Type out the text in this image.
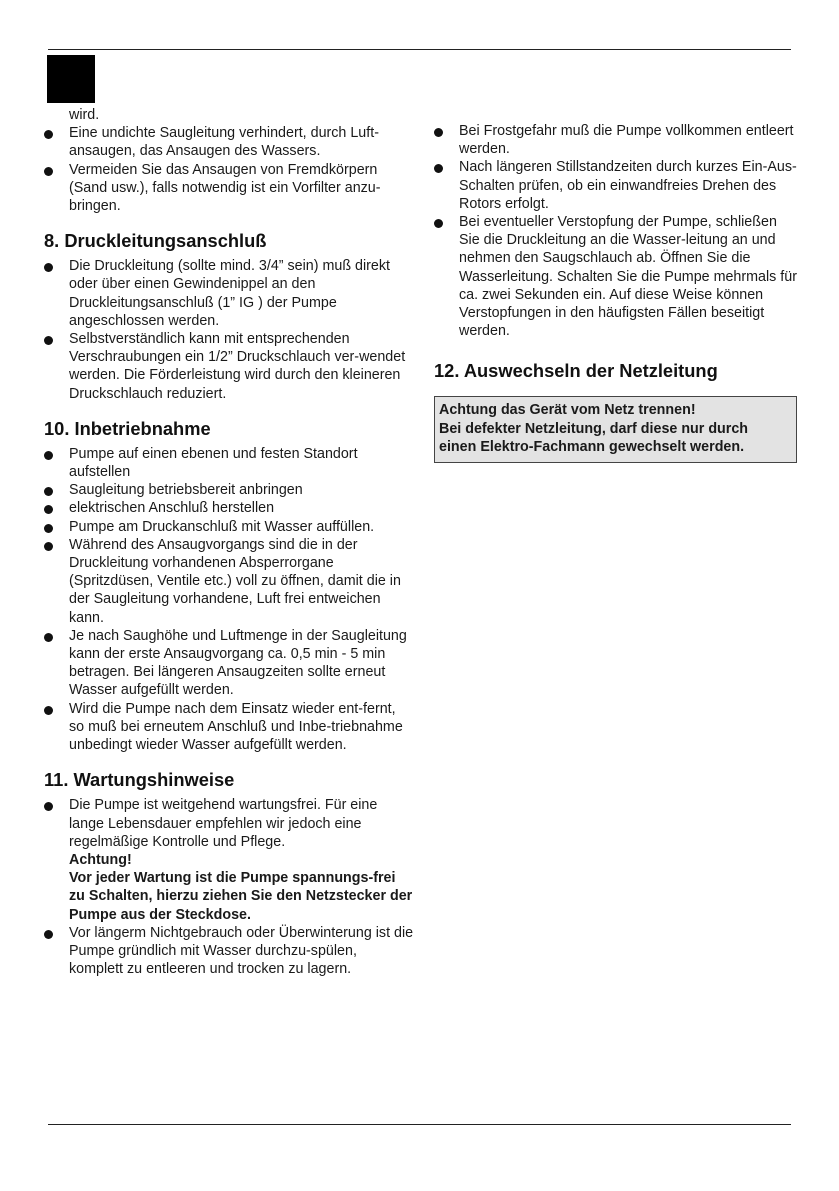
wird.

Eine undichte Saugleitung verhindert, durch Luft-ansaugen, das Ansaugen des Wassers.
Vermeiden Sie das Ansaugen von Fremdkörpern (Sand usw.), falls notwendig ist ein Vorfilter anzu-bringen.
8. Druckleitungsanschluß
Die Druckleitung (sollte mind. 3/4” sein) muß direkt oder über einen Gewindenippel an den Druckleitungsanschluß (1” IG ) der Pumpe angeschlossen werden.
Selbstverständlich kann mit entsprechenden Verschraubungen ein 1/2” Druckschlauch ver-wendet werden. Die Förderleistung wird durch den kleineren Druckschlauch reduziert.
10. Inbetriebnahme
Pumpe auf einen ebenen und festen Standort aufstellen
Saugleitung betriebsbereit anbringen
elektrischen Anschluß herstellen
Pumpe am Druckanschluß mit Wasser auffüllen.
Während des Ansaugvorgangs sind die in der Druckleitung vorhandenen Absperrorgane (Spritzdüsen, Ventile etc.) voll zu öffnen, damit die in der Saugleitung vorhandene, Luft frei entweichen kann.
Je nach Saughöhe und Luftmenge in der Saugleitung kann der erste Ansaugvorgang ca. 0,5 min - 5 min betragen. Bei längeren Ansaugzeiten sollte erneut Wasser aufgefüllt werden.
Wird die Pumpe nach dem Einsatz wieder ent-fernt, so muß bei erneutem Anschluß und Inbe-triebnahme unbedingt wieder Wasser aufgefüllt werden.
11. Wartungshinweise
Die Pumpe ist weitgehend wartungsfrei. Für eine lange Lebensdauer empfehlen wir jedoch eine regelmäßige Kontrolle und Pflege.
Achtung!
Vor jeder Wartung ist die Pumpe spannungs-frei zu Schalten, hierzu ziehen Sie den Netzstecker der Pumpe aus der Steckdose.
Vor längerm Nichtgebrauch oder Überwinterung ist die Pumpe gründlich mit Wasser durchzu-spülen, komplett zu entleeren und trocken zu lagern.
Bei Frostgefahr muß die Pumpe vollkommen entleert werden.
Nach längeren Stillstandzeiten durch kurzes Ein-Aus-Schalten prüfen, ob ein einwandfreies Drehen des Rotors erfolgt.
Bei eventueller Verstopfung der Pumpe, schließen Sie die Druckleitung an die Wasser-leitung an und nehmen den Saugschlauch ab. Öffnen Sie die Wasserleitung. Schalten Sie die Pumpe mehrmals für ca. zwei Sekunden ein. Auf diese Weise können Verstopfungen in den häufigsten Fällen beseitigt werden.
12. Auswechseln der Netzleitung
Achtung das Gerät vom Netz trennen!
Bei defekter Netzleitung, darf diese nur durch einen Elektro-Fachmann gewechselt werden.
